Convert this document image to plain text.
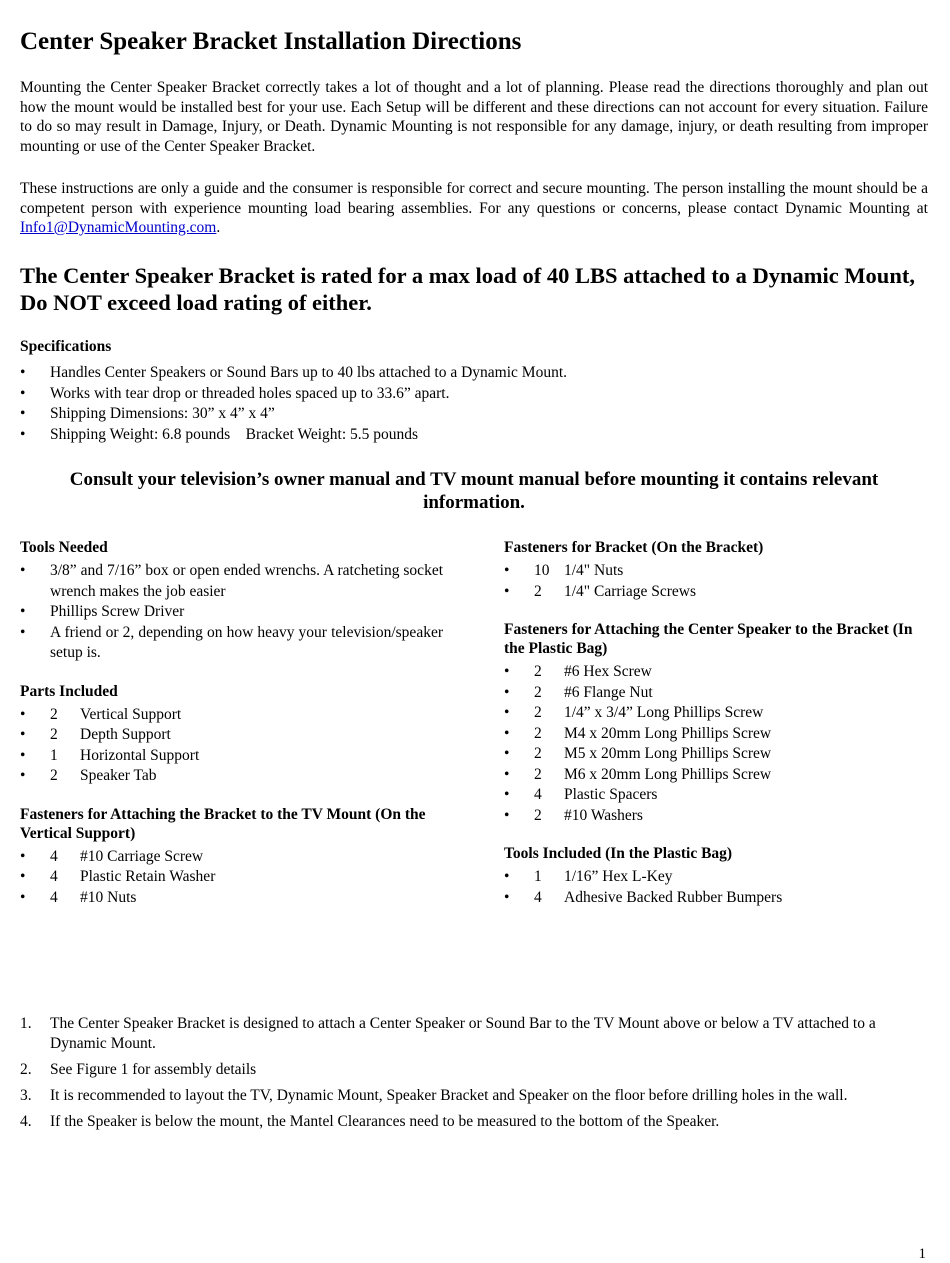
Center Speaker Bracket Installation Directions

Mounting the Center Speaker Bracket correctly takes a lot of thought and a lot of planning. Please read the directions thoroughly and plan out how the mount would be installed best for your use. Each Setup will be different and these directions can not account for every situation. Failure to do so may result in Damage, Injury, or Death. Dynamic Mounting is not responsible for any damage, injury, or death resulting from improper mounting or use of the Center Speaker Bracket.

These instructions are only a guide and the consumer is responsible for correct and secure mounting. The person installing the mount should be a competent person with experience mounting load bearing assemblies. For any questions or concerns, please contact Dynamic Mounting at Info1@DynamicMounting.com.

The Center Speaker Bracket is rated for a max load of 40 LBS attached to a Dynamic Mount, Do NOT exceed load rating of either.

Specifications
• Handles Center Speakers or Sound Bars up to 40 lbs attached to a Dynamic Mount.
• Works with tear drop or threaded holes spaced up to 33.6” apart.
• Shipping Dimensions: 30” x 4” x 4”
• Shipping Weight: 6.8 pounds    Bracket Weight: 5.5 pounds

Consult your television’s owner manual and TV mount manual before mounting it contains relevant information.

Tools Needed
• 3/8” and 7/16” box or open ended wrenchs. A ratcheting socket wrench makes the job easier
• Phillips Screw Driver
• A friend or 2, depending on how heavy your television/speaker setup is.
Parts Included
• 2 Vertical Support
• 2 Depth Support
• 1 Horizontal Support
• 2 Speaker Tab
Fasteners for Attaching the Bracket to the TV Mount (On the Vertical Support)
• 4 #10 Carriage Screw
• 4 Plastic Retain Washer
• 4 #10 Nuts
Fasteners for Bracket (On the Bracket)
• 10 1/4" Nuts
• 2 1/4" Carriage Screws
Fasteners for Attaching the Center Speaker to the Bracket (In the Plastic Bag)
• 2 #6 Hex Screw
• 2 #6 Flange Nut
• 2 1/4” x 3/4” Long Phillips Screw
• 2 M4 x 20mm Long Phillips Screw
• 2 M5 x 20mm Long Phillips Screw
• 2 M6 x 20mm Long Phillips Screw
• 4 Plastic Spacers
• 2 #10 Washers
Tools Included (In the Plastic Bag)
• 1 1/16” Hex L-Key
• 4 Adhesive Backed Rubber Bumpers
1. The Center Speaker Bracket is designed to attach a Center Speaker or Sound Bar to the TV Mount above or below a TV attached to a Dynamic Mount.
2. See Figure 1 for assembly details
3. It is recommended to layout the TV, Dynamic Mount, Speaker Bracket and Speaker on the floor before drilling holes in the wall.
4. If the Speaker is below the mount, the Mantel Clearances need to be measured to the bottom of the Speaker.
1
